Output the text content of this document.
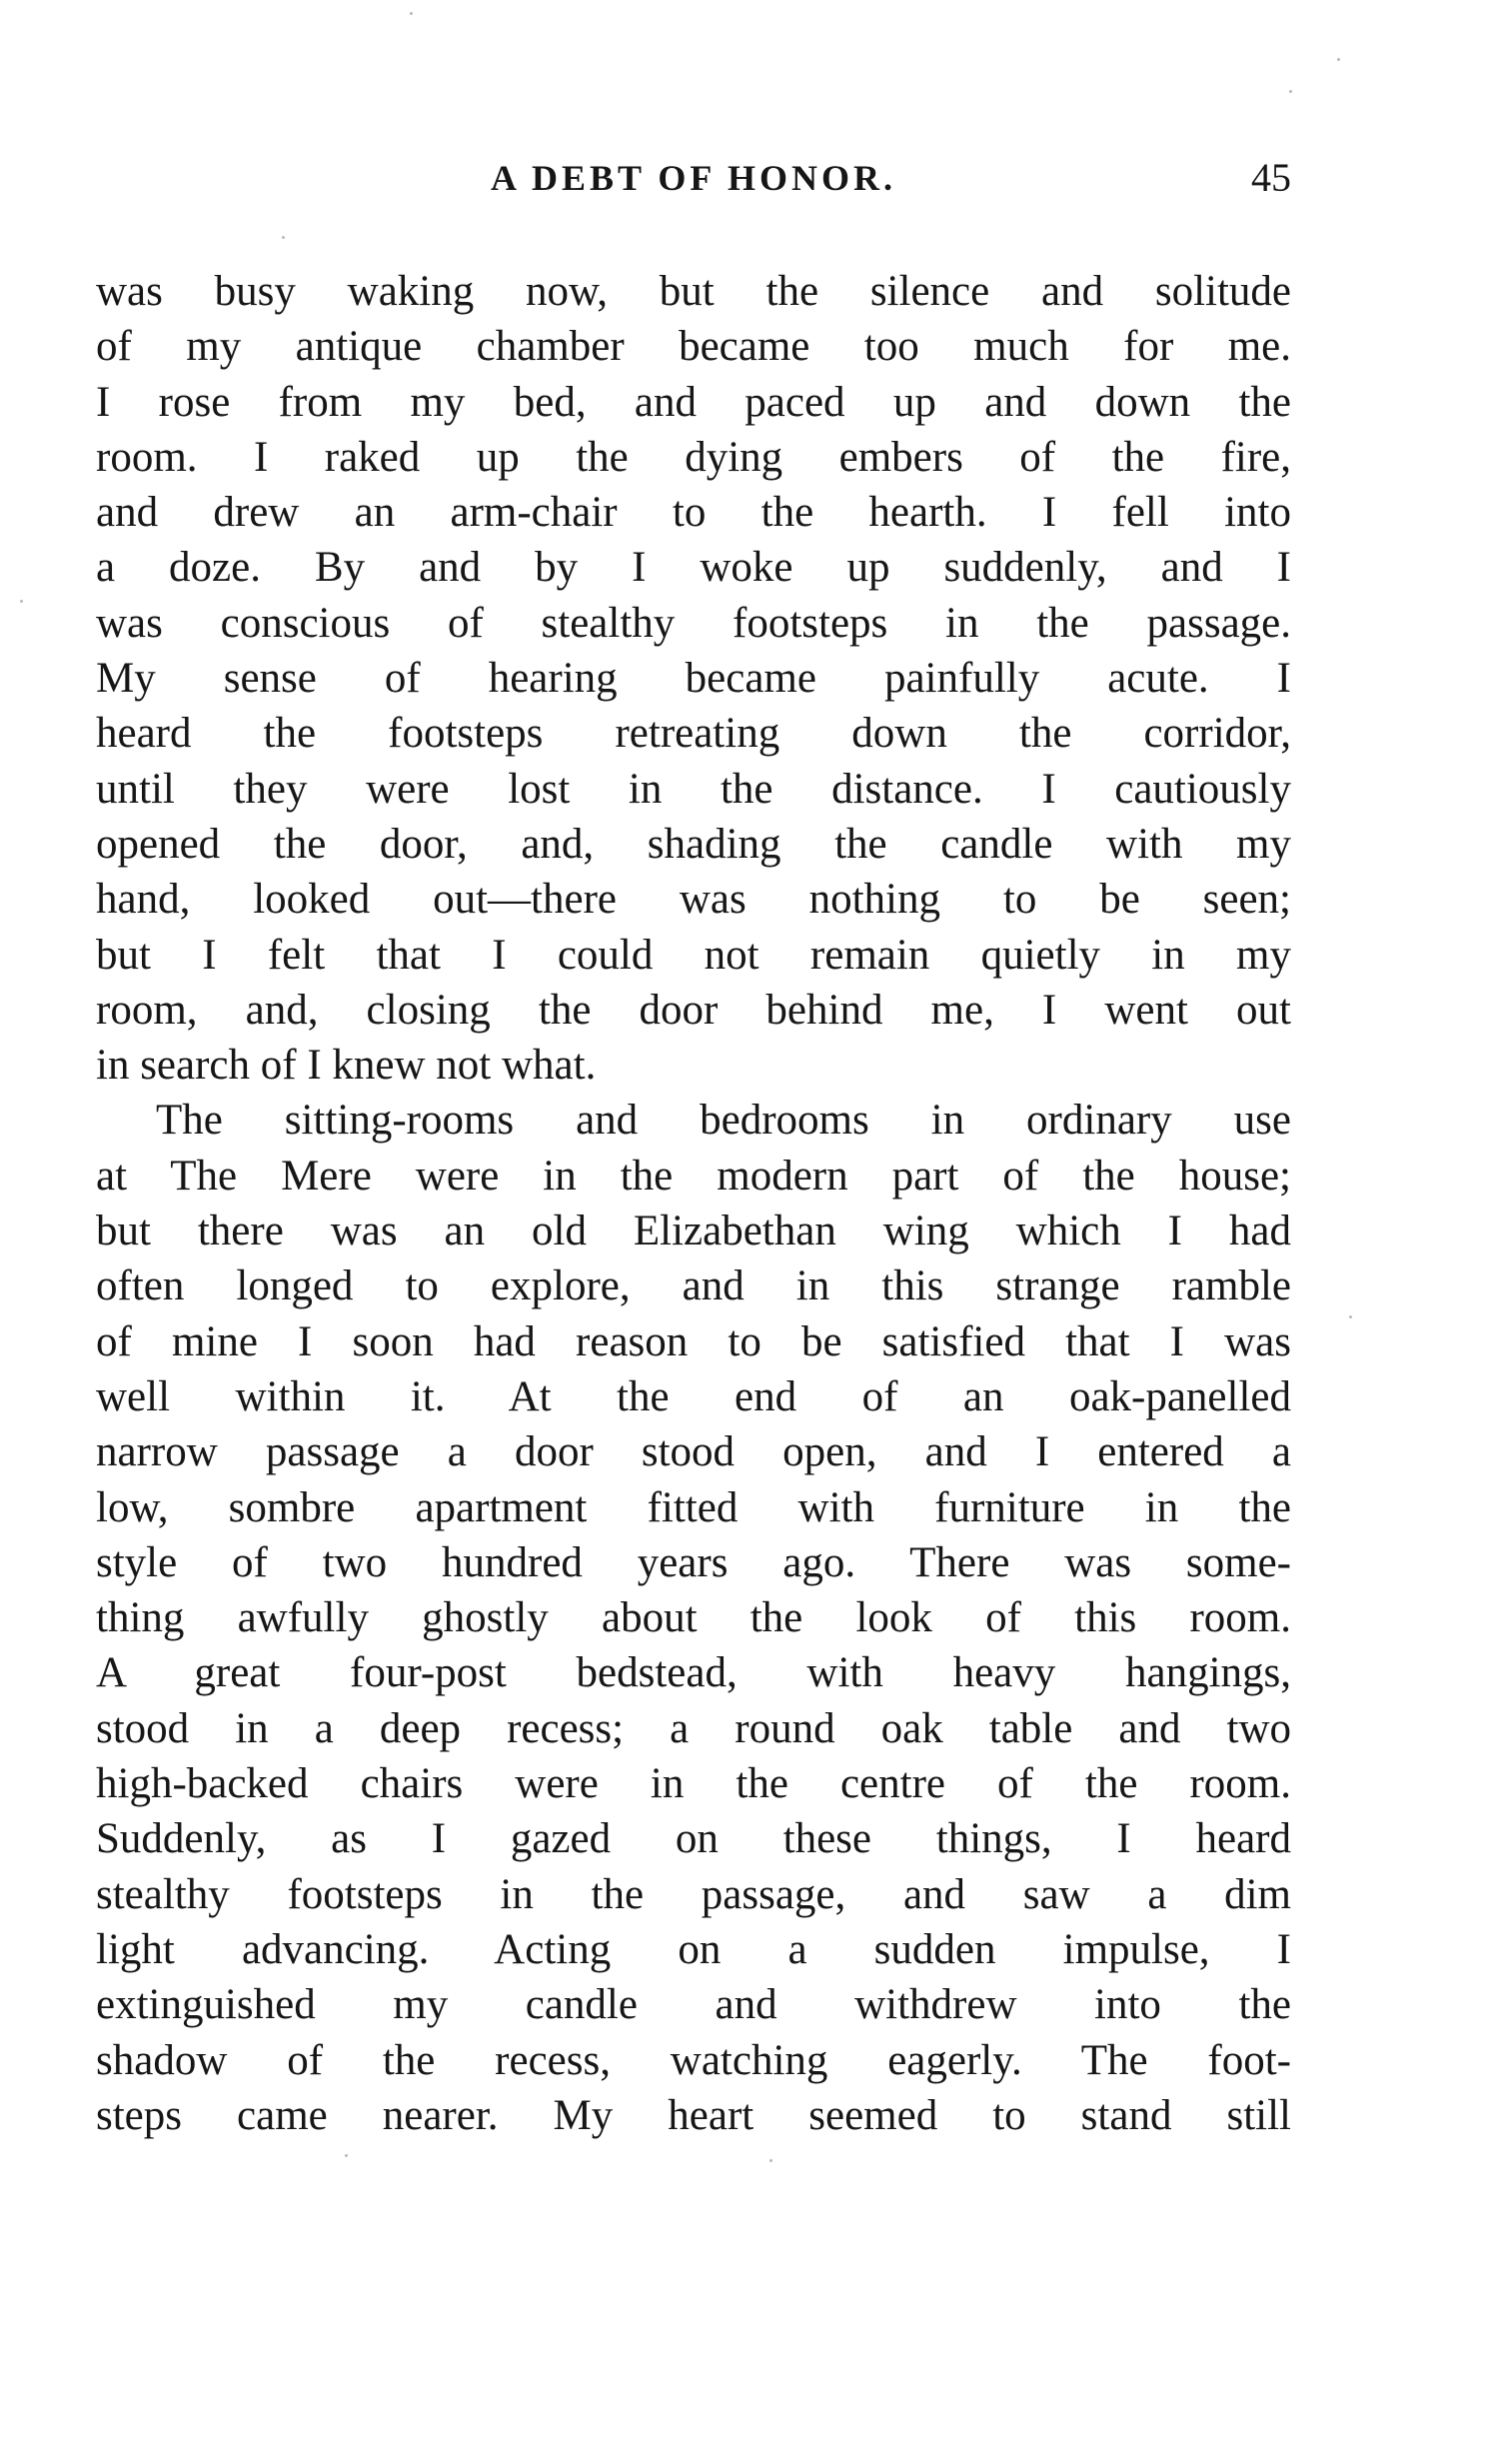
A DEBT OF HONOR.	45
was busy waking now, but the silence and solitude
of my antique chamber became too much for me.
I rose from my bed, and paced up and down the
room. I raked up the dying embers of the fire,
and drew an arm-chair to the hearth. I fell into
a doze. By and by I woke up suddenly, and I
was conscious of stealthy footsteps in the passage.
My sense of hearing became painfully acute. I
heard the footsteps retreating down the corridor,
until they were lost in the distance. I cautiously
opened the door, and, shading the candle with my
hand, looked out—there was nothing to be seen;
but I felt that I could not remain quietly in my
room, and, closing the door behind me, I went out
in search of I knew not what.
The sitting-rooms and bedrooms in ordinary use
at The Mere were in the modern part of the house;
but there was an old Elizabethan wing which I had
often longed to explore, and in this strange ramble
of mine I soon had reason to be satisfied that I was
well within it. At the end of an oak-panelled
narrow passage a door stood open, and I entered a
low, sombre apartment fitted with furniture in the
style of two hundred years ago. There was some-
thing awfully ghostly about the look of this room.
A great four-post bedstead, with heavy hangings,
stood in a deep recess; a round oak table and two
high-backed chairs were in the centre of the room.
Suddenly, as I gazed on these things, I heard
stealthy footsteps in the passage, and saw a dim
light advancing. Acting on a sudden impulse, I
extinguished my candle and withdrew into the
shadow of the recess, watching eagerly. The foot-
steps came nearer. My heart seemed to stand still
